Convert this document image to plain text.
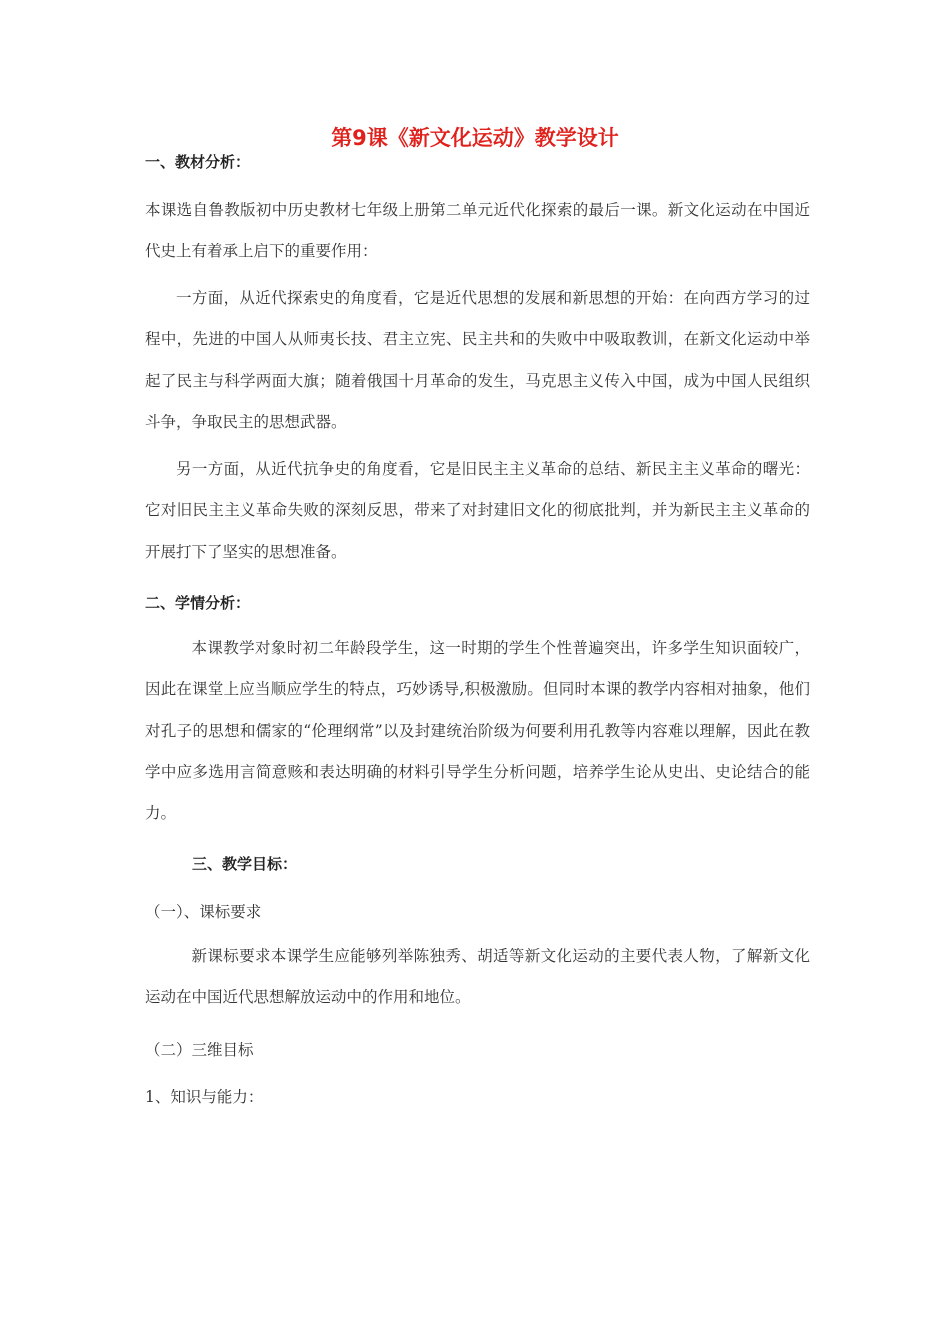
第9课《新文化运动》教学设计
一、教材分析：
本课选自鲁教版初中历史教材七年级上册第二单元近代化探索的最后一课。新文化运动在中国近代史上有着承上启下的重要作用：
一方面，从近代探索史的角度看，它是近代思想的发展和新思想的开始：在向西方学习的过程中，先进的中国人从师夷长技、君主立宪、民主共和的失败中中吸取教训，在新文化运动中举起了民主与科学两面大旗；随着俄国十月革命的发生，马克思主义传入中国，成为中国人民组织斗争，争取民主的思想武器。
另一方面，从近代抗争史的角度看，它是旧民主主义革命的总结、新民主主义革命的曙光：它对旧民主主义革命失败的深刻反思，带来了对封建旧文化的彻底批判，并为新民主主义革命的开展打下了坚实的思想准备。
二、学情分析：
本课教学对象时初二年龄段学生，这一时期的学生个性普遍突出，许多学生知识面较广，因此在课堂上应当顺应学生的特点，巧妙诱导,积极激励。但同时本课的教学内容相对抽象，他们对孔子的思想和儒家的“伦理纲常”以及封建统治阶级为何要利用孔教等内容难以理解，因此在教学中应多选用言简意赅和表达明确的材料引导学生分析问题，培养学生论从史出、史论结合的能力。
三、教学目标：
（一）、课标要求
新课标要求本课学生应能够列举陈独秀、胡适等新文化运动的主要代表人物，了解新文化运动在中国近代思想解放运动中的作用和地位。
（二）三维目标
1、知识与能力：
